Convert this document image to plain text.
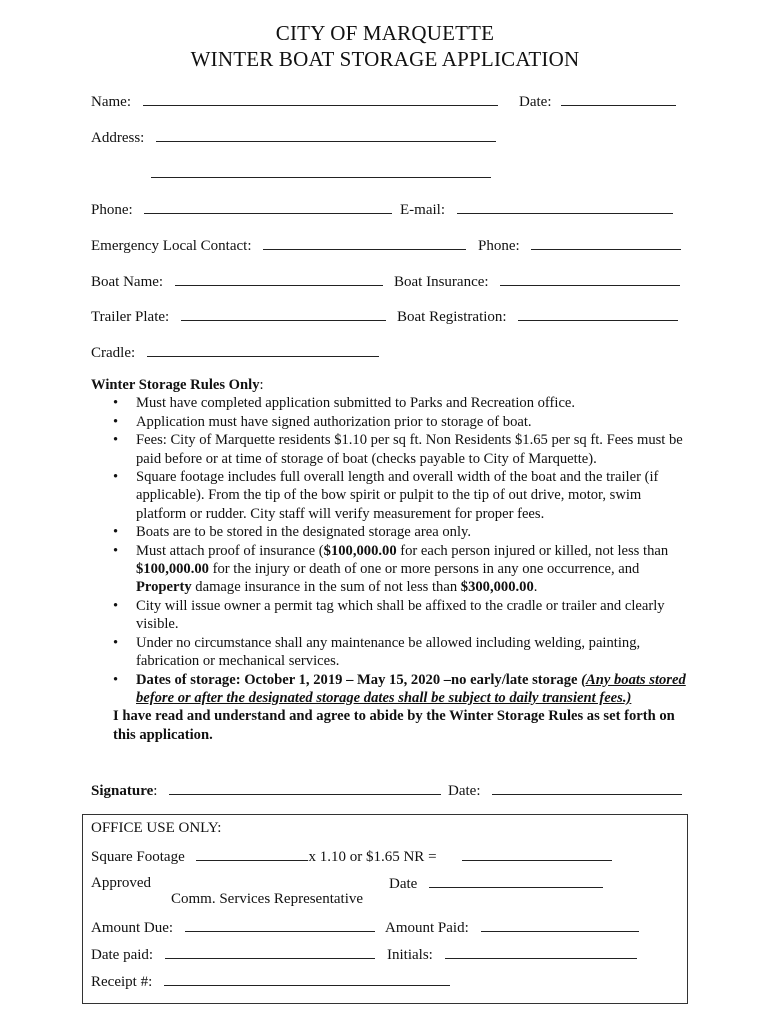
CITY OF MARQUETTE
WINTER BOAT STORAGE APPLICATION
Name:	Date:
Address:
Phone:	E-mail:
Emergency Local Contact:	Phone:
Boat Name:	Boat Insurance:
Trailer Plate:	Boat Registration:
Cradle:
Winter Storage Rules Only:
• Must have completed application submitted to Parks and Recreation office.
• Application must have signed authorization prior to storage of boat.
• Fees: City of Marquette residents $1.10 per sq ft. Non Residents $1.65 per sq ft. Fees must be paid before or at time of storage of boat (checks payable to City of Marquette).
• Square footage includes full overall length and overall width of the boat and the trailer (if applicable). From the tip of the bow spirit or pulpit to the tip of out drive, motor, swim platform or rudder. City staff will verify measurement for proper fees.
• Boats are to be stored in the designated storage area only.
• Must attach proof of insurance ($100,000.00 for each person injured or killed, not less than $100,000.00 for the injury or death of one or more persons in any one occurrence, and Property damage insurance in the sum of not less than $300,000.00.
• City will issue owner a permit tag which shall be affixed to the cradle or trailer and clearly visible.
• Under no circumstance shall any maintenance be allowed including welding, painting, fabrication or mechanical services.
• Dates of storage: October 1, 2019 – May 15, 2020 –no early/late storage (Any boats stored before or after the designated storage dates shall be subject to daily transient fees.)
I have read and understand and agree to abide by the Winter Storage Rules as set forth on this application.
Signature:	Date:
OFFICE USE ONLY:
Square Footage	x 1.10 or $1.65 NR =
Approved	Date
Comm. Services Representative
Amount Due:	Amount Paid:
Date paid:	Initials:
Receipt #:
